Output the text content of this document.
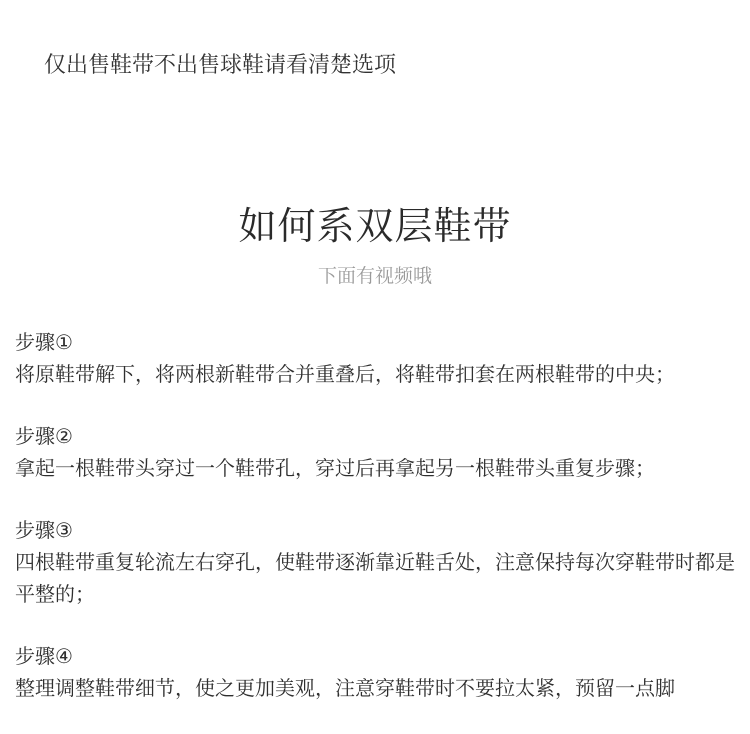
仅出售鞋带不出售球鞋请看清楚选项
如何系双层鞋带
下面有视频哦
步骤①
将原鞋带解下，将两根新鞋带合并重叠后，将鞋带扣套在两根鞋带的中央；
步骤②
拿起一根鞋带头穿过一个鞋带孔，穿过后再拿起另一根鞋带头重复步骤；
步骤③
四根鞋带重复轮流左右穿孔，使鞋带逐渐靠近鞋舌处，注意保持每次穿鞋带时都是平整的；
步骤④
整理调整鞋带细节，使之更加美观，注意穿鞋带时不要拉太紧，预留一点脚
